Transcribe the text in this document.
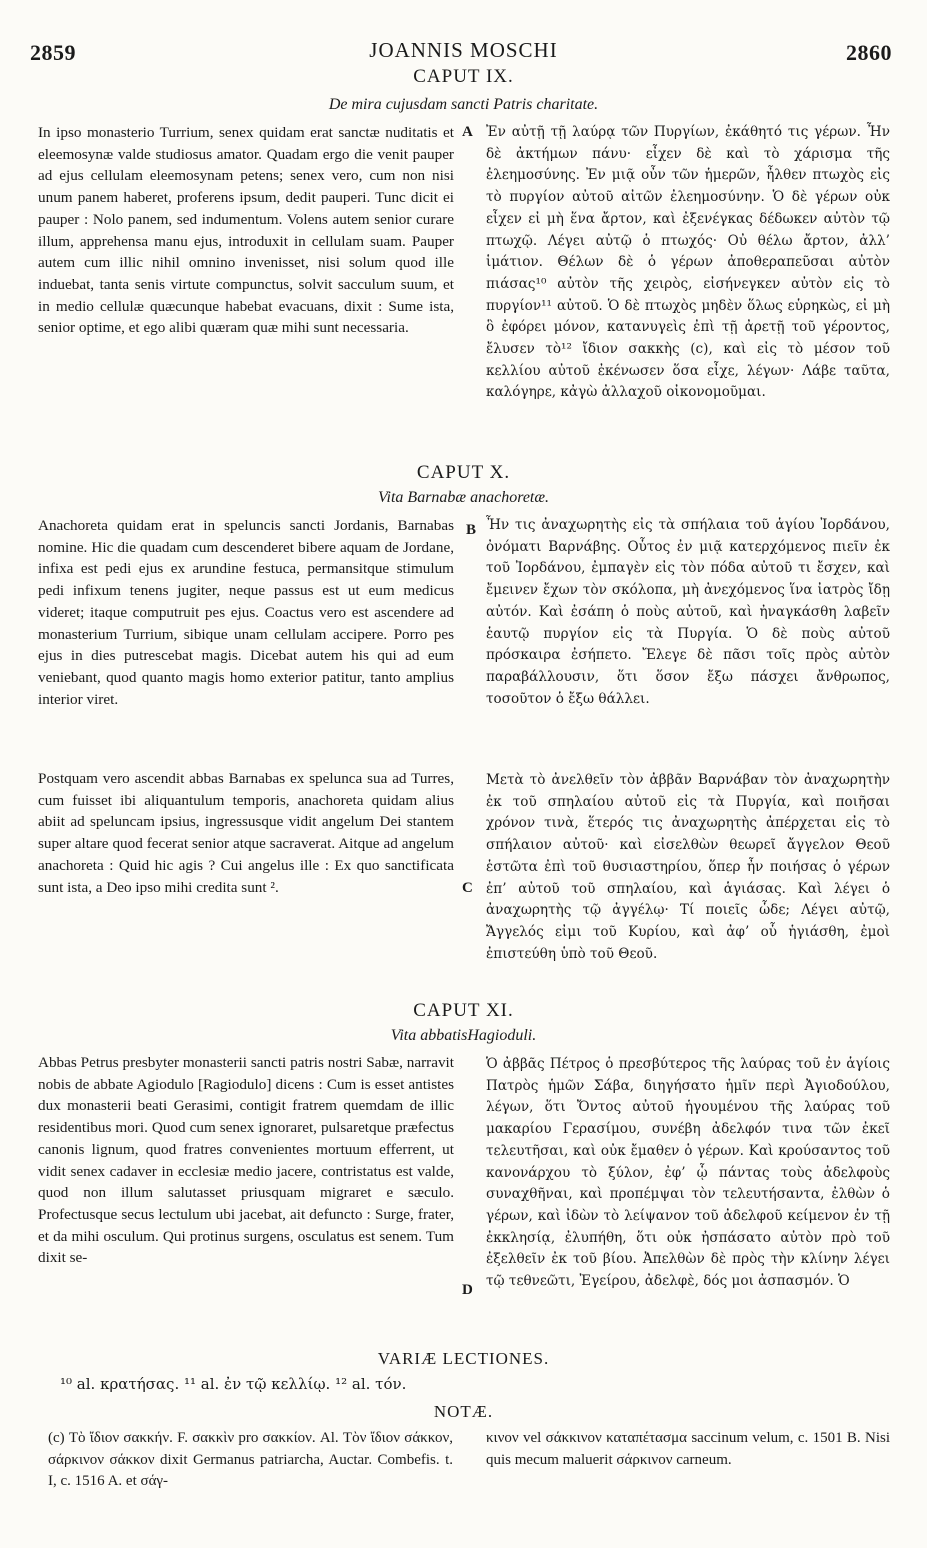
2859	JOANNIS MOSCHI	2860
CAPUT IX.
De mira cujusdam sancti Patris charitate.

In ipso monasterio Turrium, senex quidam erat sanctæ nuditatis et eleemosynæ valde studiosus amator. Quadam ergo die venit pauper ad ejus cellulam eleemosynam petens; senex vero, cum non nisi unum panem haberet, proferens ipsum, dedit pauperi. Tunc dicit ei pauper : Nolo panem, sed indumentum. Volens autem senior curare illum, apprehensa manu ejus, introduxit in cellulam suam. Pauper autem cum illic nihil omnino invenisset, nisi solum quod ille induebat, tanta senis virtute compunctus, solvit sacculum suum, et in medio cellulæ quæcunque habebat evacuans, dixit : Sume ista, senior optime, et ego alibi quæram quæ mihi sunt necessaria.

Ἐν αὐτῇ τῇ λαύρᾳ τῶν Πυργίων, ἐκάθητό τις γέρων. Ἦν δὲ ἀκτήμων πάνυ· εἶχεν δὲ καὶ τὸ χάρισμα τῆς ἐλεημοσύνης. Ἐν μιᾷ οὖν τῶν ἡμερῶν, ἦλθεν πτωχὸς εἰς τὸ πυργίον αὐτοῦ αἰτῶν ἐλεημοσύνην. Ὁ δὲ γέρων οὐκ εἶχεν εἰ μὴ ἕνα ἄρτον, καὶ ἐξενέγκας δέδωκεν αὐτὸν τῷ πτωχῷ. Λέγει αὐτῷ ὁ πτωχός· Οὐ θέλω ἄρτον, ἀλλ’ ἱμάτιον. Θέλων δὲ ὁ γέρων ἀποθεραπεῦσαι αὐτὸν πιάσας¹⁰ αὐτὸν τῆς χειρὸς, εἰσήνεγκεν αὐτὸν εἰς τὸ πυργίον¹¹ αὐτοῦ. Ὁ δὲ πτωχὸς μηδὲν ὅλως εὑρηκὼς, εἰ μὴ ὃ ἐφόρει μόνον, κατανυγεὶς ἐπὶ τῇ ἀρετῇ τοῦ γέροντος, ἔλυσεν τὸ¹² ἴδιον σακκὴς (c), καὶ εἰς τὸ μέσον τοῦ κελλίου αὐτοῦ ἐκένωσεν ὅσα εἶχε, λέγων· Λάβε ταῦτα, καλόγηρε, κἀγὼ ἀλλαχοῦ οἰκονομοῦμαι.

A
CAPUT X.
Vita Barnabæ anachoretæ.

Anachoreta quidam erat in speluncis sancti Jordanis, Barnabas nomine. Hic die quadam cum descenderet bibere aquam de Jordane, infixa est pedi ejus ex arundine festuca, permansitque stimulum pedi infixum tenens jugiter, neque passus est ut eum medicus videret; itaque computruit pes ejus. Coactus vero est ascendere ad monasterium Turrium, sibique unam cellulam accipere. Porro pes ejus in dies putrescebat magis. Dicebat autem his qui ad eum veniebant, quod quanto magis homo exterior patitur, tanto amplius interior viret.

Ἦν τις ἀναχωρητὴς εἰς τὰ σπήλαια τοῦ ἁγίου Ἰορδάνου, ὀνόματι Βαρνάβης. Οὗτος ἐν μιᾷ κατερχόμενος πιεῖν ἐκ τοῦ Ἰορδάνου, ἐμπαγὲν εἰς τὸν πόδα αὐτοῦ τι ἔσχεν, καὶ ἔμεινεν ἔχων τὸν σκόλοπα, μὴ ἀνεχόμενος ἵνα ἰατρὸς ἴδῃ αὐτόν. Καὶ ἐσάπη ὁ ποὺς αὐτοῦ, καὶ ἠναγκάσθη λαβεῖν ἑαυτῷ πυργίον εἰς τὰ Πυργία. Ὁ δὲ ποὺς αὐτοῦ πρόσκαιρα ἐσήπετο. Ἔλεγε δὲ πᾶσι τοῖς πρὸς αὐτὸν παραβάλλουσιν, ὅτι ὅσον ἔξω πάσχει ἄνθρωπος, τοσοῦτον ὁ ἔξω θάλλει.

B

Postquam vero ascendit abbas Barnabas ex spelunca sua ad Turres, cum fuisset ibi aliquantulum temporis, anachoreta quidam alius abiit ad speluncam ipsius, ingressusque vidit angelum Dei stantem super altare quod fecerat senior atque sacraverat. Aitque ad angelum anachoreta : Quid hic agis ? Cui angelus ille : Ex quo sanctificata sunt ista, a Deo ipso mihi credita sunt ².

Μετὰ τὸ ἀνελθεῖν τὸν ἀββᾶν Βαρνάβαν τὸν ἀναχωρητὴν ἐκ τοῦ σπηλαίου αὐτοῦ εἰς τὰ Πυργία, καὶ ποιῆσαι χρόνον τινὰ, ἕτερός τις ἀναχωρητὴς ἀπέρχεται εἰς τὸ σπήλαιον αὐτοῦ· καὶ εἰσελθὼν θεωρεῖ ἄγγελον Θεοῦ ἑστῶτα ἐπὶ τοῦ θυσιαστηρίου, ὅπερ ἦν ποιήσας ὁ γέρων ἐπ’ αὐτοῦ τοῦ σπηλαίου, καὶ ἁγιάσας. Καὶ λέγει ὁ ἀναχωρητὴς τῷ ἀγγέλῳ· Τί ποιεῖς ὧδε; Λέγει αὐτῷ, Ἄγγελός εἰμι τοῦ Κυρίου, καὶ ἀφ’ οὗ ἡγιάσθη, ἐμοὶ ἐπιστεύθη ὑπὸ τοῦ Θεοῦ.

C
CAPUT XI.
Vita abbatisHagioduli.

Abbas Petrus presbyter monasterii sancti patris nostri Sabæ, narravit nobis de abbate Agiodulo [Ragiodulo] dicens : Cum is esset antistes dux monasterii beati Gerasimi, contigit fratrem quemdam de illic residentibus mori. Quod cum senex ignoraret, pulsaretque præfectus canonis lignum, quod fratres convenientes mortuum efferrent, ut vidit senex cadaver in ecclesiæ medio jacere, contristatus est valde, quod non illum salutasset priusquam migraret e sæculo. Profectusque secus lectulum ubi jacebat, ait defuncto : Surge, frater, et da mihi osculum. Qui protinus surgens, osculatus est senem. Tum dixit se-

Ὁ ἀββᾶς Πέτρος ὁ πρεσβύτερος τῆς λαύρας τοῦ ἐν ἁγίοις Πατρὸς ἡμῶν Σάβα, διηγήσατο ἡμῖν περὶ Ἀγιοδούλου, λέγων, ὅτι Ὄντος αὐτοῦ ἡγουμένου τῆς λαύρας τοῦ μακαρίου Γερασίμου, συνέβη ἀδελφόν τινα τῶν ἐκεῖ τελευτῆσαι, καὶ οὐκ ἔμαθεν ὁ γέρων. Καὶ κρούσαντος τοῦ κανονάρχου τὸ ξύλον, ἐφ’ ᾧ πάντας τοὺς ἀδελφοὺς συναχθῆναι, καὶ προπέμψαι τὸν τελευτήσαντα, ἐλθὼν ὁ γέρων, καὶ ἰδὼν τὸ λείψανον τοῦ ἀδελφοῦ κείμενον ἐν τῇ ἐκκλησίᾳ, ἐλυπήθη, ὅτι οὐκ ἠσπάσατο αὐτὸν πρὸ τοῦ ἐξελθεῖν ἐκ τοῦ βίου. Ἀπελθὼν δὲ πρὸς τὴν κλίνην λέγει τῷ τεθνεῶτι, Ἐγείρου, ἀδελφὲ, δός μοι ἀσπασμόν. Ὁ

D
VARIÆ LECTIONES.
¹⁰ al. κρατήσας. ¹¹ al. ἐν τῷ κελλίῳ. ¹² al. τόν.
NOTÆ.

(c) Τὸ ἴδιον σακκήν. F. σακκὶν pro σακκίον. Al. Τὸν ἴδιον σάκκον, σάρκινον σάκκον dixit Germanus patriarcha, Auctar. Combefis. t. I, c. 1516 A. et σάγ-

κινον vel σάκκινον καταπέτασμα saccinum velum, c. 1501 B. Nisi quis mecum maluerit σάρκινον carneum.
